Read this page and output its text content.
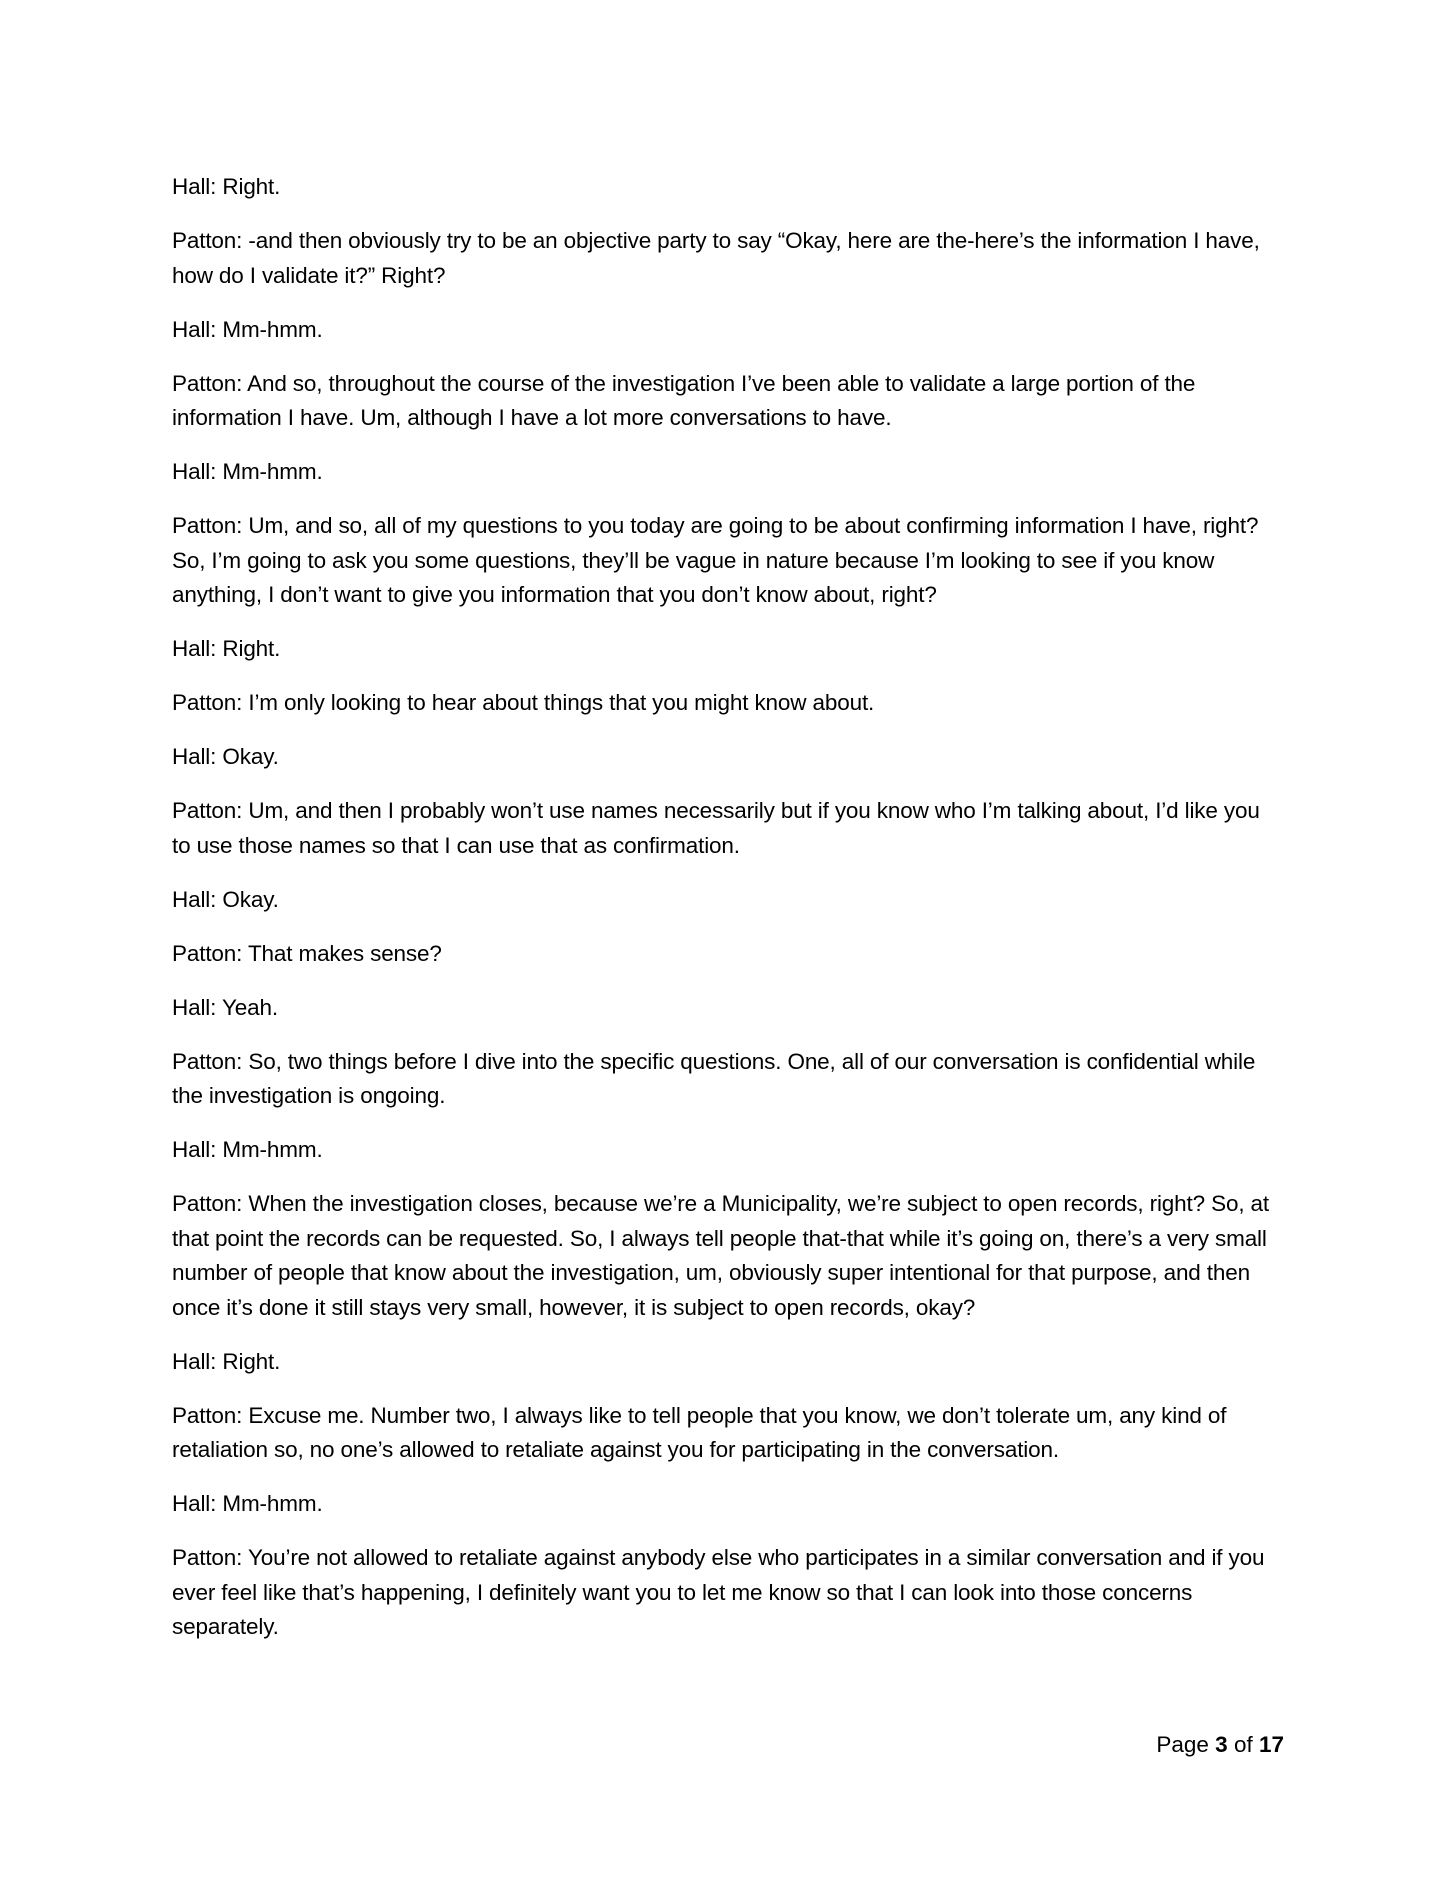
Hall: Right.

Patton: -and then obviously try to be an objective party to say “Okay, here are the-here’s the information I have, how do I validate it?” Right?

Hall: Mm-hmm.

Patton: And so, throughout the course of the investigation I’ve been able to validate a large portion of the information I have. Um, although I have a lot more conversations to have.

Hall: Mm-hmm.

Patton: Um, and so, all of my questions to you today are going to be about confirming information I have, right? So, I’m going to ask you some questions, they’ll be vague in nature because I’m looking to see if you know anything, I don’t want to give you information that you don’t know about, right?

Hall: Right.

Patton: I’m only looking to hear about things that you might know about.

Hall: Okay.

Patton: Um, and then I probably won’t use names necessarily but if you know who I’m talking about, I’d like you to use those names so that I can use that as confirmation.

Hall: Okay.

Patton: That makes sense?

Hall: Yeah.

Patton: So, two things before I dive into the specific questions. One, all of our conversation is confidential while the investigation is ongoing.

Hall: Mm-hmm.

Patton: When the investigation closes, because we’re a Municipality, we’re subject to open records, right? So, at that point the records can be requested. So, I always tell people that-that while it’s going on, there’s a very small number of people that know about the investigation, um, obviously super intentional for that purpose, and then once it’s done it still stays very small, however, it is subject to open records, okay?

Hall: Right.

Patton: Excuse me. Number two, I always like to tell people that you know, we don’t tolerate um, any kind of retaliation so, no one’s allowed to retaliate against you for participating in the conversation.

Hall: Mm-hmm.

Patton: You’re not allowed to retaliate against anybody else who participates in a similar conversation and if you ever feel like that’s happening, I definitely want you to let me know so that I can look into those concerns separately.

Page 3 of 17
